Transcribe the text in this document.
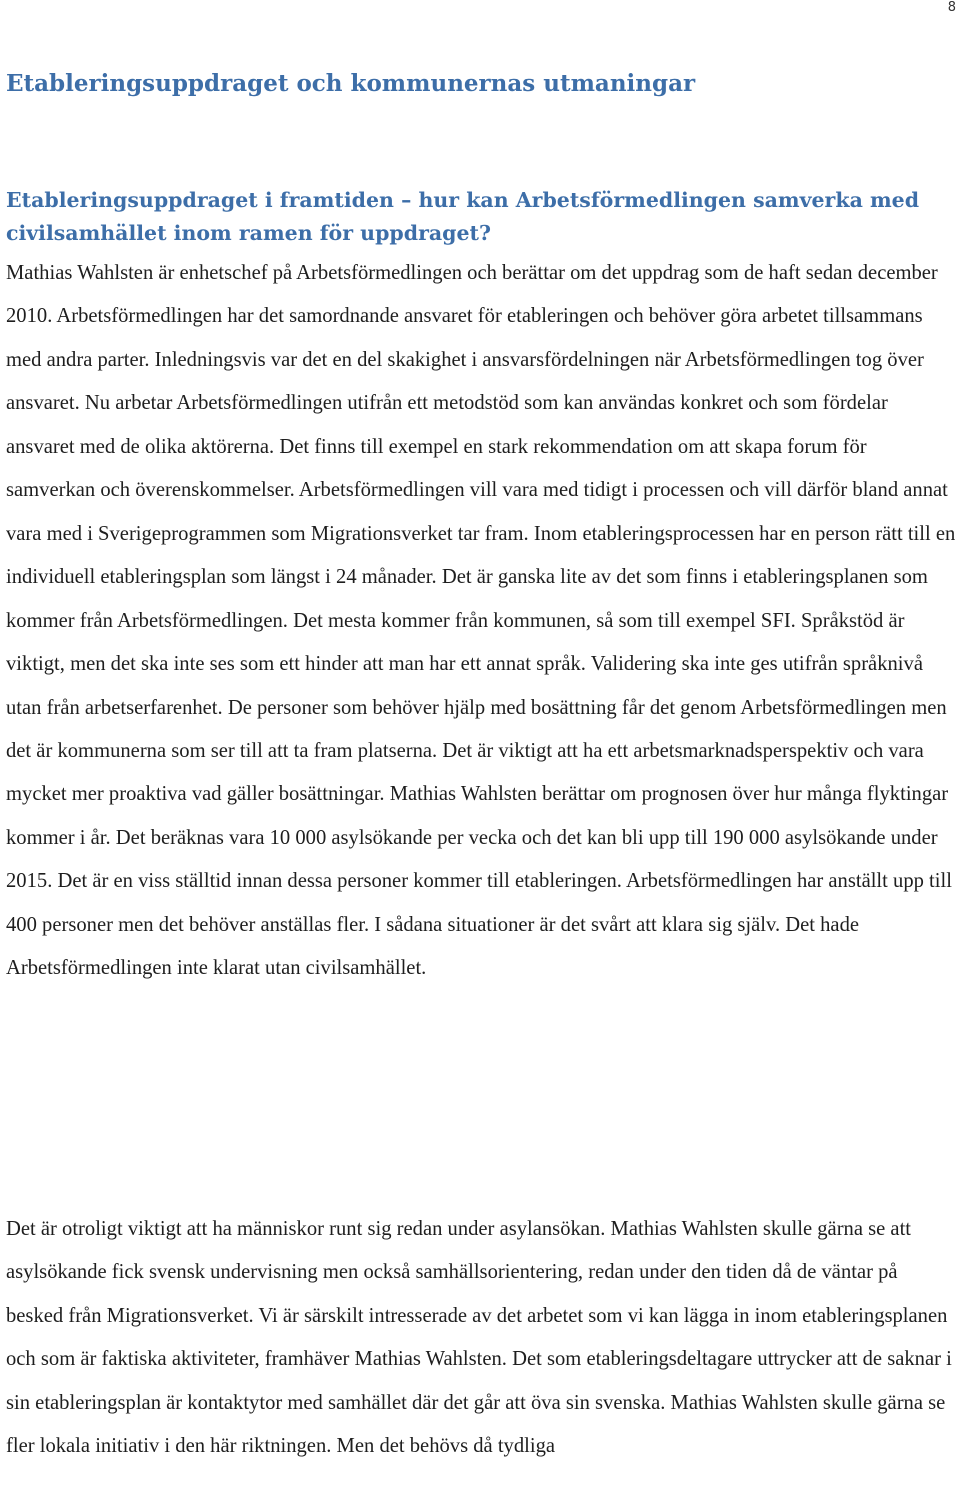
8
Etableringsuppdraget och kommunernas utmaningar
Etableringsuppdraget i framtiden – hur kan Arbetsförmedlingen samverka med civilsamhället inom ramen för uppdraget?

Mathias Wahlsten är enhetschef på Arbetsförmedlingen och berättar om det uppdrag som de haft sedan december 2010. Arbetsförmedlingen har det samordnande ansvaret för etableringen och behöver göra arbetet tillsammans med andra parter. Inledningsvis var det en del skakighet i ansvarsfördelningen när Arbetsförmedlingen tog över ansvaret. Nu arbetar Arbetsförmedlingen utifrån ett metodstöd som kan användas konkret och som fördelar ansvaret med de olika aktörerna. Det finns till exempel en stark rekommendation om att skapa forum för samverkan och överenskommelser. Arbetsförmedlingen vill vara med tidigt i processen och vill därför bland annat vara med i Sverigeprogrammen som Migrationsverket tar fram. Inom etableringsprocessen har en person rätt till en individuell etableringsplan som längst i 24 månader. Det är ganska lite av det som finns i etableringsplanen som kommer från Arbetsförmedlingen. Det mesta kommer från kommunen, så som till exempel SFI. Språkstöd är viktigt, men det ska inte ses som ett hinder att man har ett annat språk. Validering ska inte ges utifrån språknivå utan från arbetserfarenhet. De personer som behöver hjälp med bosättning får det genom Arbetsförmedlingen men det är kommunerna som ser till att ta fram platserna. Det är viktigt att ha ett arbetsmarknadsperspektiv och vara mycket mer proaktiva vad gäller bosättningar. Mathias Wahlsten berättar om prognosen över hur många flyktingar kommer i år. Det beräknas vara 10 000 asylsökande per vecka och det kan bli upp till 190 000 asylsökande under 2015. Det är en viss ställtid innan dessa personer kommer till etableringen. Arbetsförmedlingen har anställt upp till 400 personer men det behöver anställas fler. I sådana situationer är det svårt att klara sig själv. Det hade Arbetsförmedlingen inte klarat utan civilsamhället.

Det är otroligt viktigt att ha människor runt sig redan under asylansökan. Mathias Wahlsten skulle gärna se att asylsökande fick svensk undervisning men också samhällsorientering, redan under den tiden då de väntar på besked från Migrationsverket. Vi är särskilt intresserade av det arbetet som vi kan lägga in inom etableringsplanen och som är faktiska aktiviteter, framhäver Mathias Wahlsten. Det som etableringsdeltagare uttrycker att de saknar i sin etableringsplan är kontaktytor med samhället där det går att öva sin svenska. Mathias Wahlsten skulle gärna se fler lokala initiativ i den här riktningen. Men det behövs då tydliga
